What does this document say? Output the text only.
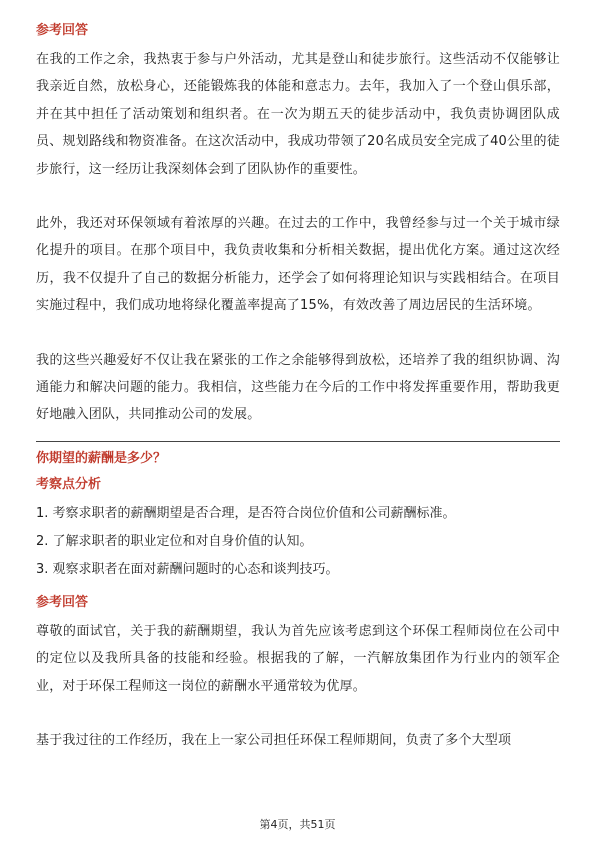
参考回答

在我的工作之余，我热衷于参与户外活动，尤其是登山和徒步旅行。这些活动不仅能够让我亲近自然，放松身心，还能锻炼我的体能和意志力。去年，我加入了一个登山俱乐部，并在其中担任了活动策划和组织者。在一次为期五天的徒步活动中，我负责协调团队成员、规划路线和物资准备。在这次活动中，我成功带领了20名成员安全完成了40公里的徒步旅行，这一经历让我深刻体会到了团队协作的重要性。

此外，我还对环保领域有着浓厚的兴趣。在过去的工作中，我曾经参与过一个关于城市绿化提升的项目。在那个项目中，我负责收集和分析相关数据，提出优化方案。通过这次经历，我不仅提升了自己的数据分析能力，还学会了如何将理论知识与实践相结合。在项目实施过程中，我们成功地将绿化覆盖率提高了15%，有效改善了周边居民的生活环境。

我的这些兴趣爱好不仅让我在紧张的工作之余能够得到放松，还培养了我的组织协调、沟通能力和解决问题的能力。我相信，这些能力在今后的工作中将发挥重要作用，帮助我更好地融入团队，共同推动公司的发展。

你期望的薪酬是多少？

考察点分析

1. 考察求职者的薪酬期望是否合理，是否符合岗位价值和公司薪酬标准。

2. 了解求职者的职业定位和对自身价值的认知。

3. 观察求职者在面对薪酬问题时的心态和谈判技巧。

参考回答

尊敬的面试官，关于我的薪酬期望，我认为首先应该考虑到这个环保工程师岗位在公司中的定位以及我所具备的技能和经验。根据我的了解，一汽解放集团作为行业内的领军企业，对于环保工程师这一岗位的薪酬水平通常较为优厚。

基于我过往的工作经历，我在上一家公司担任环保工程师期间，负责了多个大型项

第4页，共51页
